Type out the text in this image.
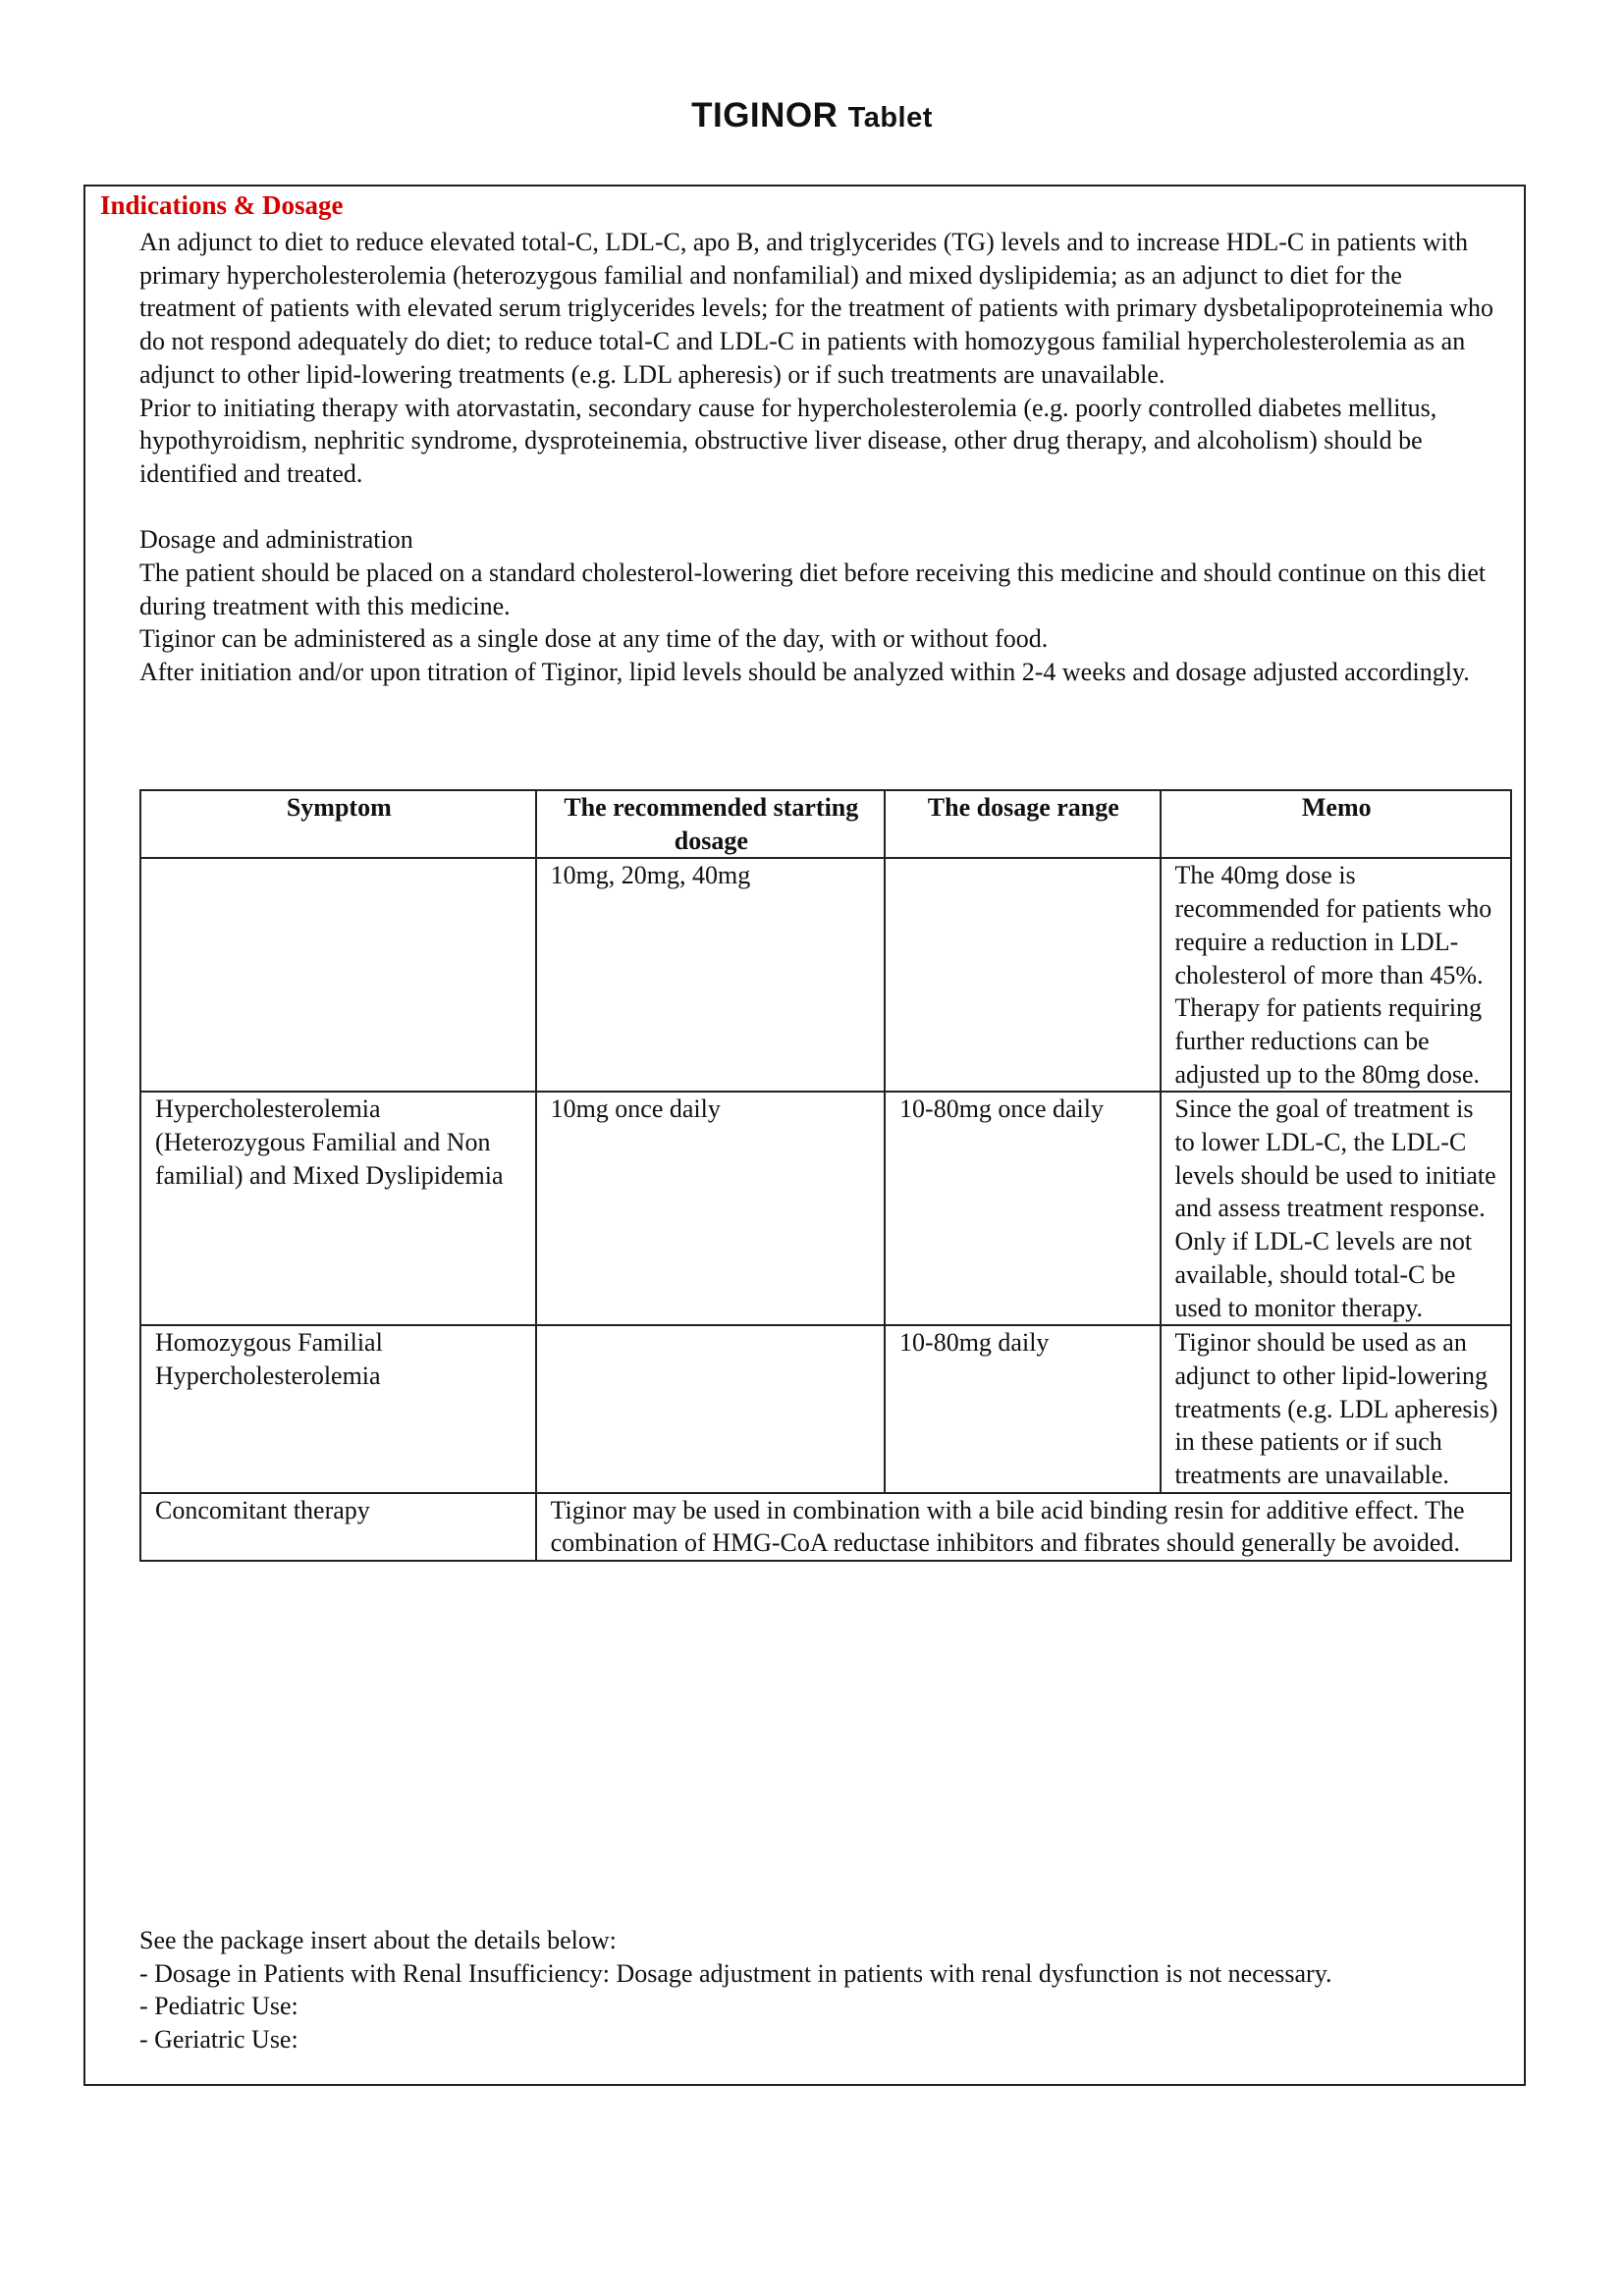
TIGINOR Tablet
Indications & Dosage

An adjunct to diet to reduce elevated total-C, LDL-C, apo B, and triglycerides (TG) levels and to increase HDL-C in patients with primary hypercholesterolemia (heterozygous familial and nonfamilial) and mixed dyslipidemia; as an adjunct to diet for the treatment of patients with elevated serum triglycerides levels; for the treatment of patients with primary dysbetalipoproteinemia who do not respond adequately do diet; to reduce total-C and LDL-C in patients with homozygous familial hypercholesterolemia as an adjunct to other lipid-lowering treatments (e.g. LDL apheresis) or if such treatments are unavailable.

Prior to initiating therapy with atorvastatin, secondary cause for hypercholesterolemia (e.g. poorly controlled diabetes mellitus, hypothyroidism, nephritic syndrome, dysproteinemia, obstructive liver disease, other drug therapy, and alcoholism) should be identified and treated.

Dosage and administration

The patient should be placed on a standard cholesterol-lowering diet before receiving this medicine and should continue on this diet during treatment with this medicine.

Tiginor can be administered as a single dose at any time of the day, with or without food.

After initiation and/or upon titration of Tiginor, lipid levels should be analyzed within 2-4 weeks and dosage adjusted accordingly.

Symptom	The recommended starting dosage	The dosage range	Memo
	10mg, 20mg, 40mg		The 40mg dose is recommended for patients who require a reduction in LDL-cholesterol of more than 45%. Therapy for patients requiring further reductions can be adjusted up to the 80mg dose.
Hypercholesterolemia (Heterozygous Familial and Non familial) and Mixed Dyslipidemia	10mg once daily	10-80mg once daily	Since the goal of treatment is to lower LDL-C, the LDL-C levels should be used to initiate and assess treatment response. Only if LDL-C levels are not available, should total-C be used to monitor therapy.
Homozygous Familial Hypercholesterolemia		10-80mg daily	Tiginor should be used as an adjunct to other lipid-lowering treatments (e.g. LDL apheresis) in these patients or if such treatments are unavailable.
Concomitant therapy	Tiginor may be used in combination with a bile acid binding resin for additive effect. The combination of HMG-CoA reductase inhibitors and fibrates should generally be avoided.		

See the package insert about the details below:

- Dosage in Patients with Renal Insufficiency: Dosage adjustment in patients with renal dysfunction is not necessary.

- Pediatric Use:

- Geriatric Use:
